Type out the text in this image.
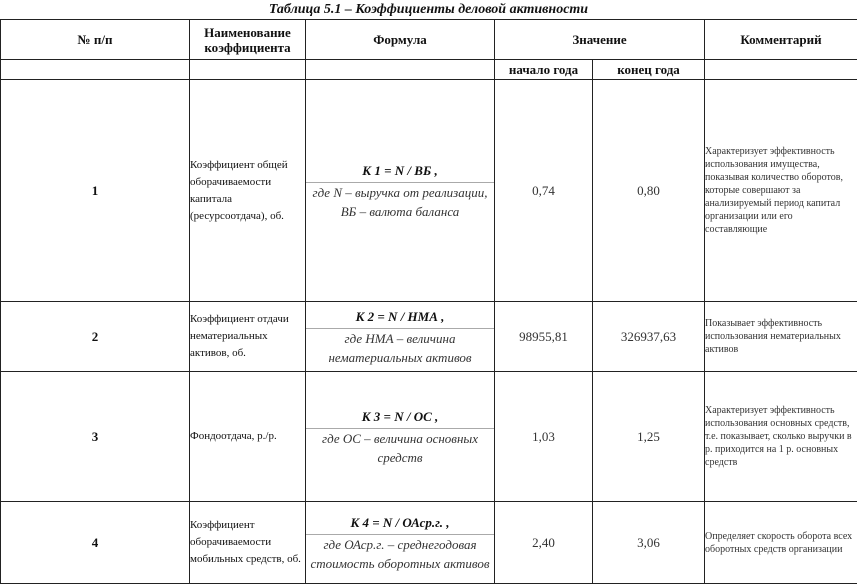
Таблица 5.1 – Коэффициенты деловой активности
№ п/п	Наименование коэффициента	Формула	Значение		Комментарий
			начало года	конец года	
1	Коэффициент общей оборачиваемости капитала (ресурсоотдача), об.	К 1 = N / ВБ ,
где N – выручка от реализации, ВБ – валюта баланса	0,74	0,80	Характеризует эффективность использования имущества, показывая количество оборотов, которые совершают за анализируемый период капитал организации или его составляющие
2	Коэффициент отдачи нематериальных активов, об.	К 2 = N / НМА ,
где НМА – величина нематериальных активов	98955,81	326937,63	Показывает эффективность использования нематериальных активов
3	Фондоотдача, р./р.	К 3 = N / ОС ,
где ОС – величина основных средств	1,03	1,25	Характеризует эффективность использования основных средств, т.е. показывает, сколько выручки в р. приходится на 1 р. основных средств
4	Коэффициент оборачиваемости мобильных средств, об.	К 4 = N / ОАср.г. ,
где ОАср.г. – среднегодовая стоимость оборотных активов	2,40	3,06	Определяет скорость оборота всех оборотных средств организации
